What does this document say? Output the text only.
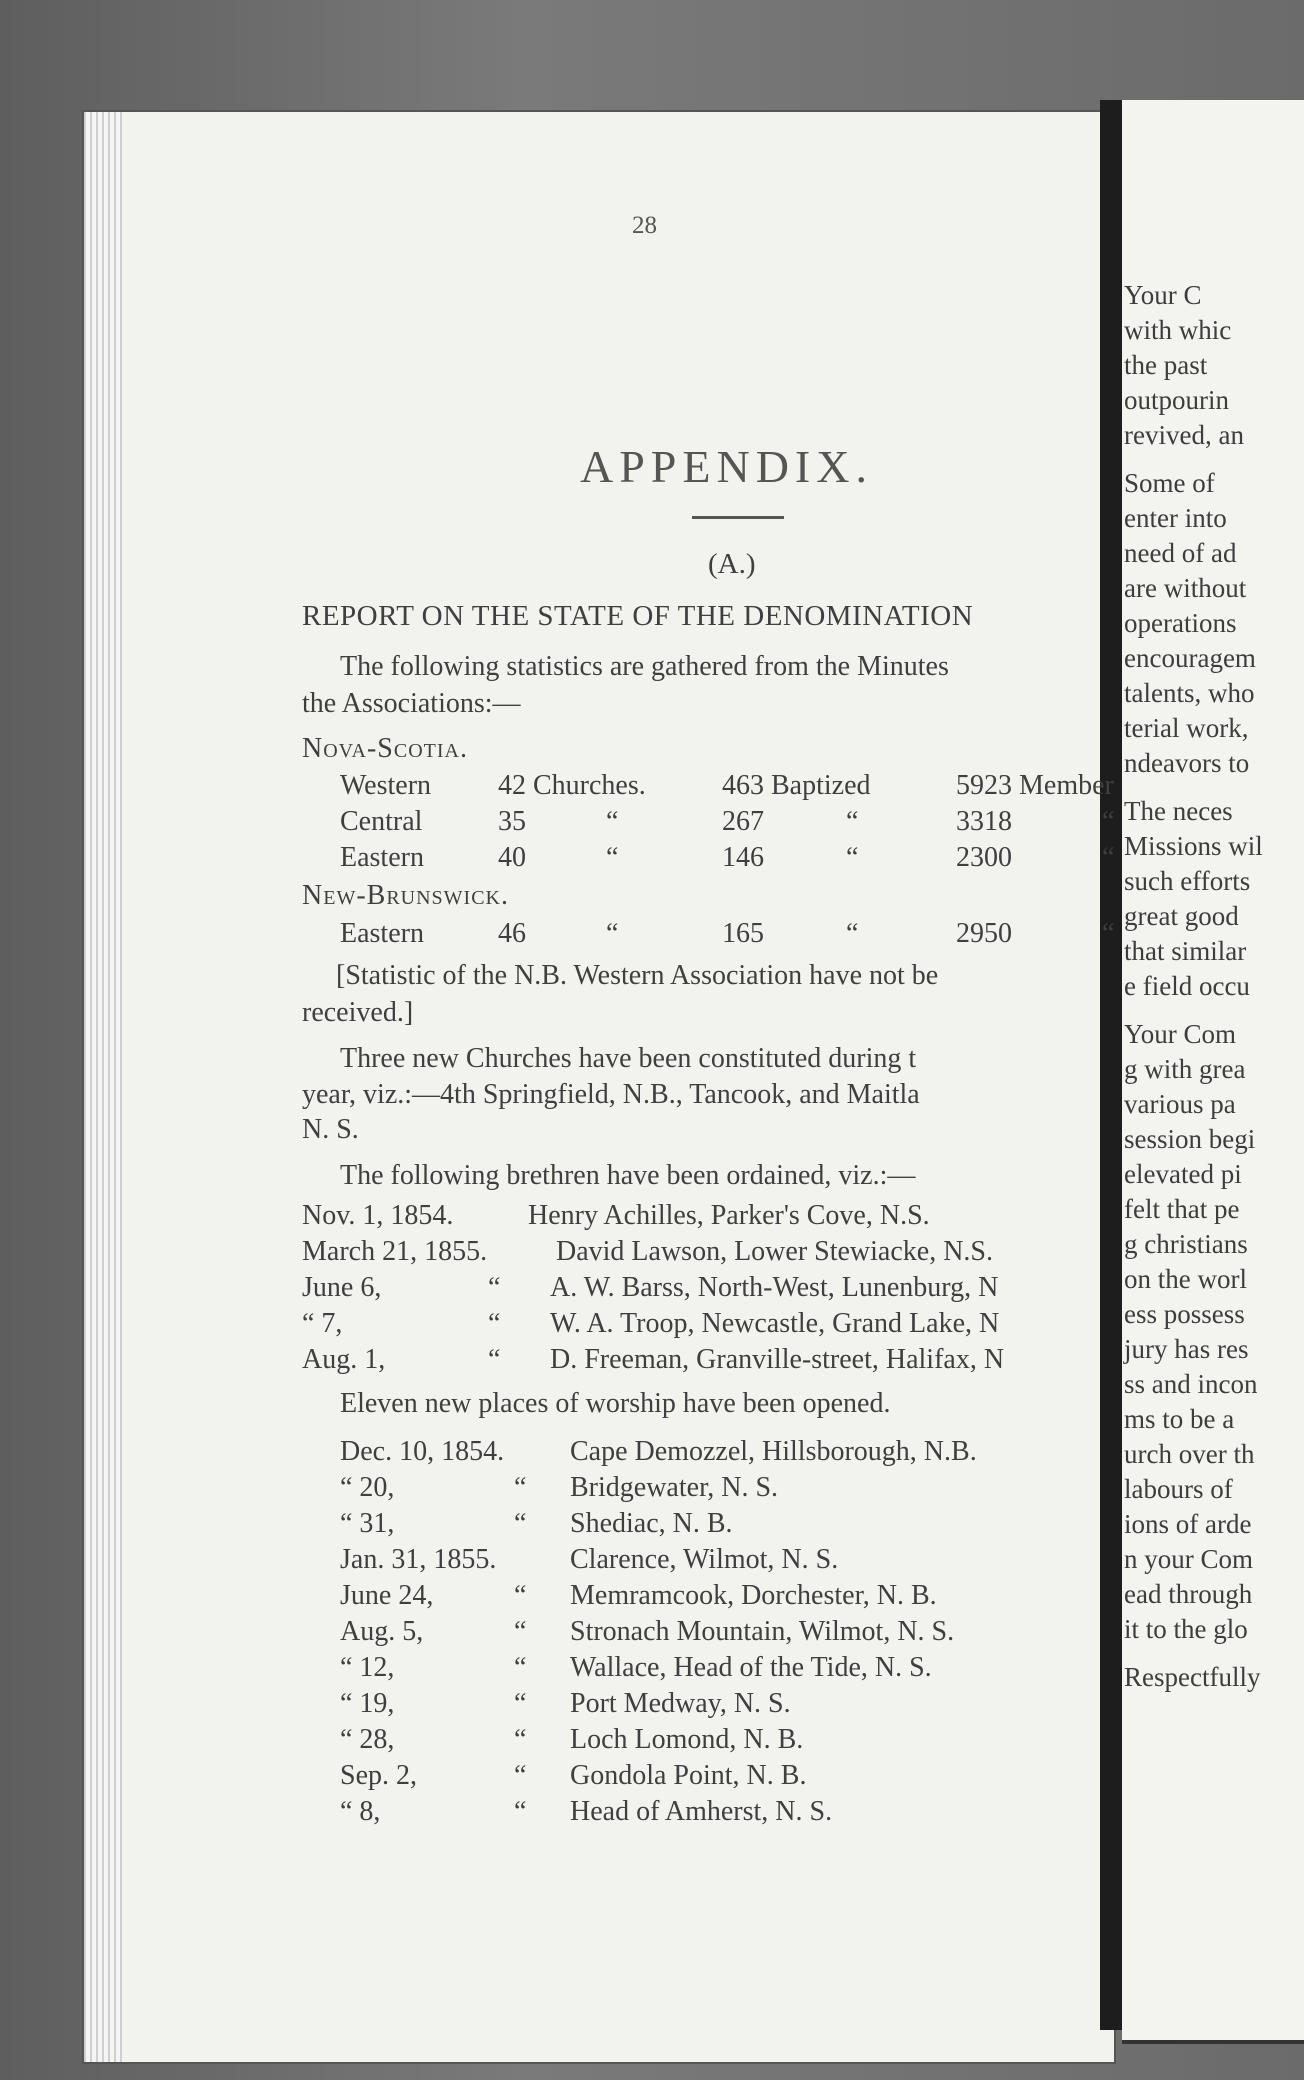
Your C
with whic
the past
outpourin
revived, an
Some of
enter into
need of ad
are without
operations
encouragem
talents, who
terial work,
ndeavors to
The neces
Missions wil
such efforts
great good
that similar
e field occu
Your Com
g with grea
various pa
session begi
elevated pi
felt that pe
g christians
on the worl
ess possess
jury has res
ss and incon
ms to be a
urch over th
labours of
ions of arde
n your Com
ead through
it to the glo
Respectfully
28
APPENDIX.
(A.)
REPORT ON THE STATE OF THE DENOMINATION
The following statistics are gathered from the Minutes
the Associations:—
Nova-Scotia.
Western 42 Churches.	463 Baptized	5923 Member
Central	35	“	267	“	3318	“
Eastern	40	“	146	“	2300	“
New-Brunswick.
Eastern	46	“	165	“	2950	“
[Statistic of the N.B. Western Association have not be
received.]
Three new Churches have been constituted during t
year, viz.:—4th Springfield, N.B., Tancook, and Maitla
N. S.
The following brethren have been ordained, viz.:—
Nov. 1, 1854.	Henry Achilles, Parker's Cove, N.S.
March 21, 1855. David Lawson, Lower Stewiacke, N.S.
June 6,	“ A. W. Barss, North-West, Lunenburg, N
“ 7,	“ W. A. Troop, Newcastle, Grand Lake, N
Aug. 1,	“ D. Freeman, Granville-street, Halifax, N
Eleven new places of worship have been opened.
Dec. 10, 1854. Cape Demozzel, Hillsborough, N.B.
“ 20,	“ Bridgewater, N. S.
“ 31,	“ Shediac, N. B.
Jan. 31, 1855.	Clarence, Wilmot, N. S.
June 24,	“ Memramcook, Dorchester, N. B.
Aug. 5,	“ Stronach Mountain, Wilmot, N. S.
“ 12,	“ Wallace, Head of the Tide, N. S.
“ 19,	“ Port Medway, N. S.
“ 28,	“ Loch Lomond, N. B.
Sep. 2,	“ Gondola Point, N. B.
“ 8,	“ Head of Amherst, N. S.
